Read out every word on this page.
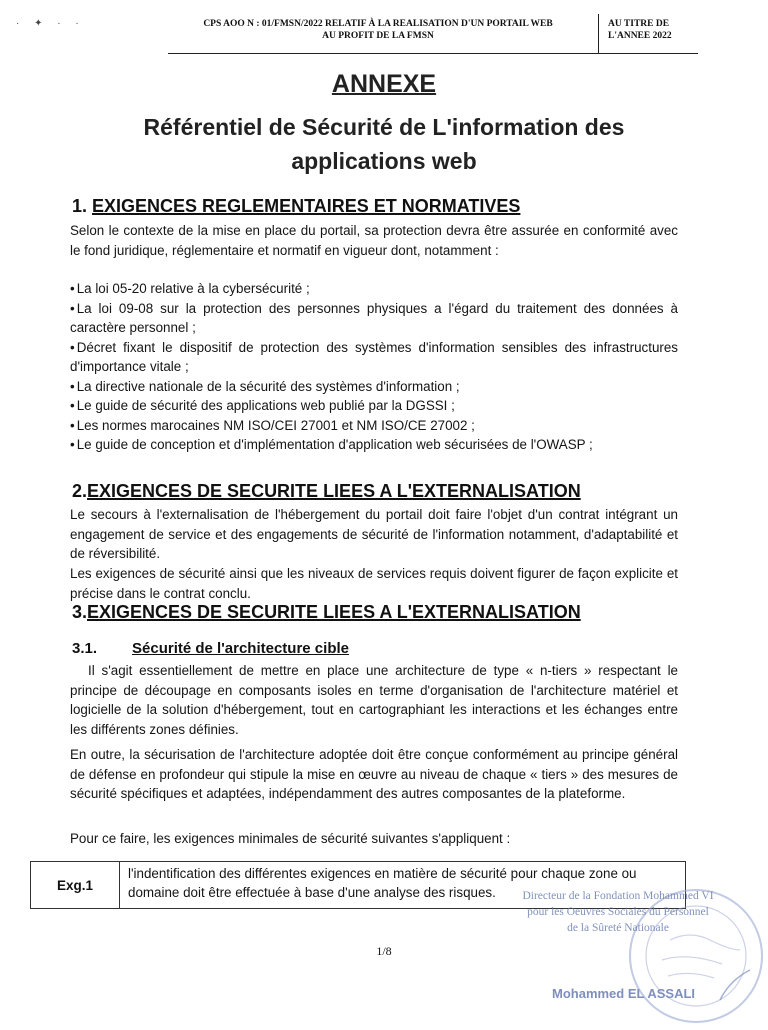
· ✦ · ·	CPS AOO N : 01/FMSN/2022 RELATIF À LA REALISATION D'UN PORTAIL WEB
AU PROFIT DE LA FMSN
AU TITRE DE
L'ANNEE 2022
ANNEXE
Référentiel de Sécurité de L'information des
applications web
1. EXIGENCES REGLEMENTAIRES ET NORMATIVES
Selon le contexte de la mise en place du portail, sa protection devra être assurée en conformité avec le fond juridique, réglementaire et normatif en vigueur dont, notamment :
• La loi 05-20 relative à la cybersécurité ;
• La loi 09-08 sur la protection des personnes physiques a l'égard du traitement des données à caractère personnel ;
• Décret fixant le dispositif de protection des systèmes d'information sensibles des infrastructures d'importance vitale ;
• La directive nationale de la sécurité des systèmes d'information ;
• Le guide de sécurité des applications web publié par la DGSSI ;
• Les normes marocaines NM ISO/CEI 27001 et NM ISO/CE 27002 ;
• Le guide de conception et d'implémentation d'application web sécurisées de l'OWASP ;
2.EXIGENCES DE SECURITE LIEES A L'EXTERNALISATION
Le secours à l'externalisation de l'hébergement du portail doit faire l'objet d'un contrat intégrant un engagement de service et des engagements de sécurité de l'information notamment, d'adaptabilité et de réversibilité.
Les exigences de sécurité ainsi que les niveaux de services requis doivent figurer de façon explicite et précise dans le contrat conclu.
3.EXIGENCES DE SECURITE LIEES A L'EXTERNALISATION
3.1. Sécurité de l'architecture cible
Il s'agit essentiellement de mettre en place une architecture de type « n-tiers » respectant le principe de découpage en composants isoles en terme d'organisation de l'architecture matériel et logicielle de la solution d'hébergement, tout en cartographiant les interactions et les échanges entre les différents zones définies.
En outre, la sécurisation de l'architecture adoptée doit être conçue conformément au principe général de défense en profondeur qui stipule la mise en œuvre au niveau de chaque « tiers » des mesures de sécurité spécifiques et adaptées, indépendamment des autres composantes de la plateforme.
Pour ce faire, les exigences minimales de sécurité suivantes s'appliquent :
Exg.1
l'indentification des différentes exigences en matière de sécurité pour chaque zone ou domaine doit être effectuée à base d'une analyse des risques.
1/8
Directeur de la Fondation Mohammed VI
pour les Oeuvres Sociales du Personnel
de la Sûreté Nationale
Mohammed EL ASSALI
